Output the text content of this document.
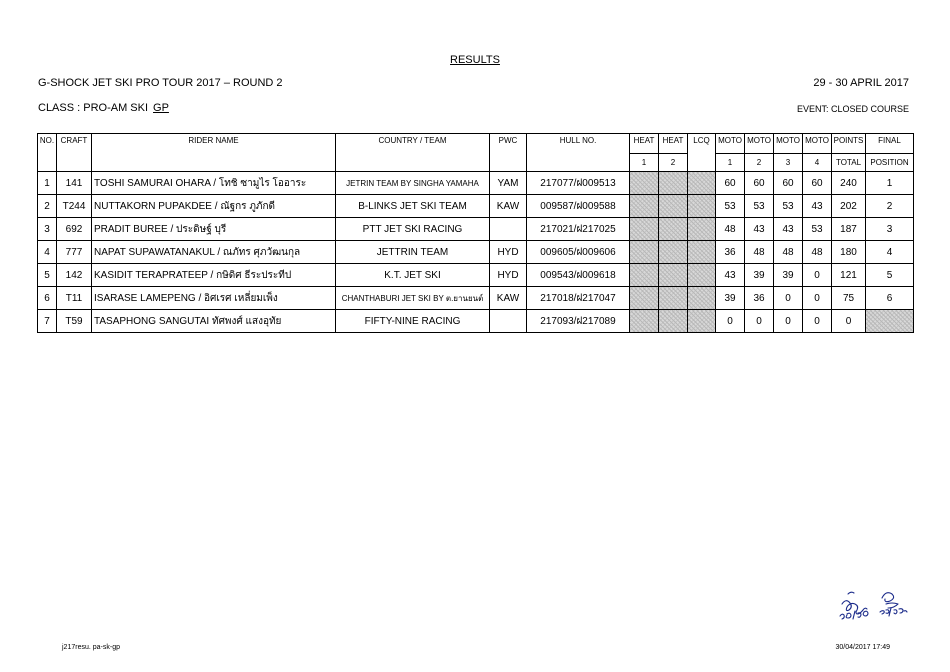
RESULTS
G-SHOCK JET SKI PRO TOUR 2017 – ROUND 2	29 - 30 APRIL 2017
CLASS : PRO-AM SKI GP	EVENT: CLOSED COURSE
NO.	CRAFT	RIDER NAME	COUNTRY / TEAM	PWC	HULL NO.	HEAT	HEAT	LCQ	MOTO	MOTO	MOTO	MOTO	POINTS	FINAL
						1	2		1	2	3	4	TOTAL	POSITION
1	141	TOSHI SAMURAI OHARA / โทชิ ซามูไร โออาระ	JETRIN TEAM BY SINGHA YAMAHA	YAM	217077/ฝ009513				60	60	60	60	240	1
2	T244	NUTTAKORN PUPAKDEE / ณัฐกร ภูภักดี	B-LINKS JET SKI TEAM	KAW	009587/ฝ009588				53	53	53	43	202	2
3	692	PRADIT BUREE / ประดิษฐ์ บุรี	PTT JET SKI RACING		217021/ฝ217025				48	43	43	53	187	3
4	777	NAPAT SUPAWATANAKUL / ณภัทร ศุภวัฒนกุล	JETTRIN TEAM	HYD	009605/ฝ009606				36	48	48	48	180	4
5	142	KASIDIT TERAPRATEEP / กษิดิศ ธีระประทีป	K.T. JET SKI	HYD	009543/ฝ009618				43	39	39	0	121	5
6	T11	ISARASE LAMEPENG / อิศเรศ เหลี่ยมเพ็ง	CHANTHABURI JET SKI BY ต.ยานยนต์	KAW	217018/ฝ217047				39	36	0	0	75	6
7	T59	TASAPHONG SANGUTAI ทัศพงศ์ แสงอุทัย	FIFTY-NINE RACING		217093/ฝ217089				0	0	0	0	0	
j217resu. pa-sk-gp	30/04/2017 17:49
